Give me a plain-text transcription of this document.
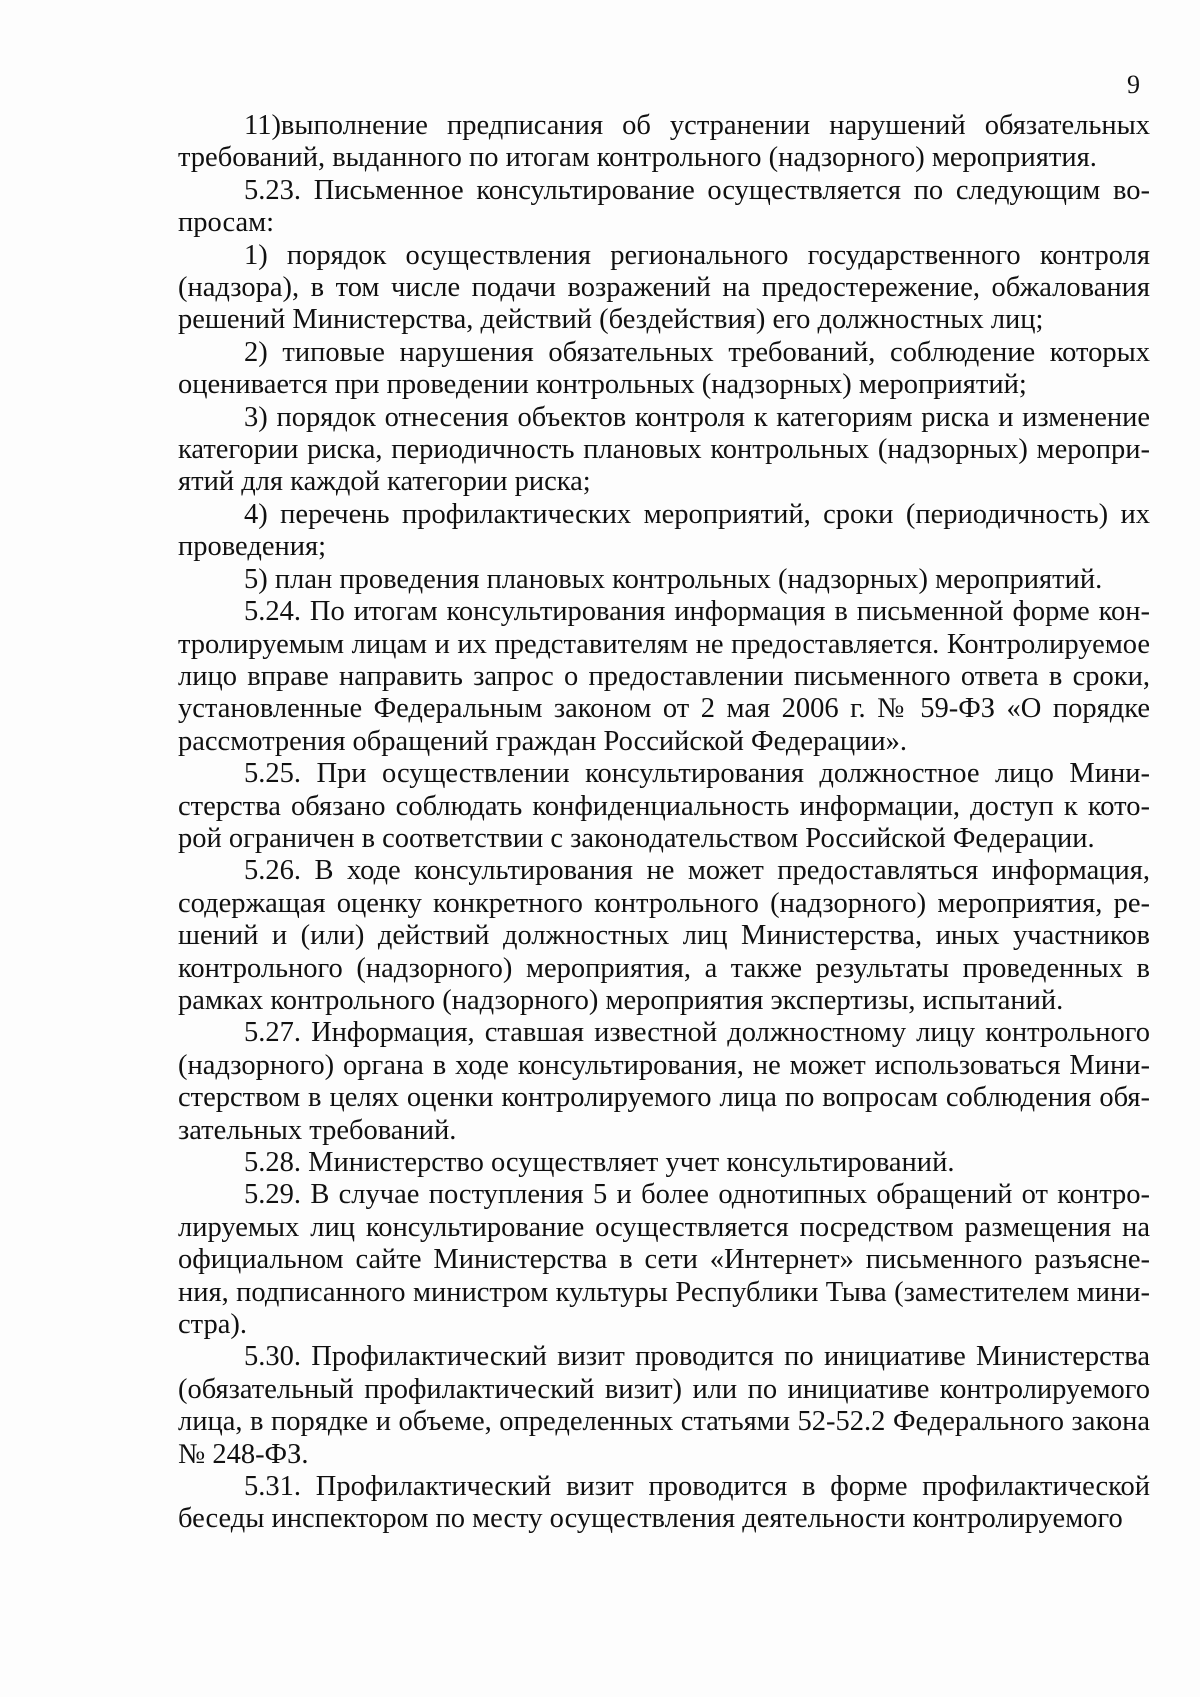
9

11)выполнение предписания об устранении нарушений обязательных требований, выданного по итогам контрольного (надзорного) мероприятия.

5.23. Письменное консультирование осуществляется по следующим вопросам:

1) порядок осуществления регионального государственного контроля (надзора), в том числе подачи возражений на предостережение, обжалования решений Министерства, действий (бездействия) его должностных лиц;

2) типовые нарушения обязательных требований, соблюдение которых оценивается при проведении контрольных (надзорных) мероприятий;

3) порядок отнесения объектов контроля к категориям риска и изменение категории риска, периодичность плановых контрольных (надзорных) мероприятий для каждой категории риска;

4) перечень профилактических мероприятий, сроки (периодичность) их проведения;

5) план проведения плановых контрольных (надзорных) мероприятий.

5.24. По итогам консультирования информация в письменной форме контролируемым лицам и их представителям не предоставляется. Контролируемое лицо вправе направить запрос о предоставлении письменного ответа в сроки, установленные Федеральным законом от 2 мая 2006 г. № 59-ФЗ «О порядке рассмотрения обращений граждан Российской Федерации».

5.25. При осуществлении консультирования должностное лицо Министерства обязано соблюдать конфиденциальность информации, доступ к которой ограничен в соответствии с законодательством Российской Федерации.

5.26. В ходе консультирования не может предоставляться информация, содержащая оценку конкретного контрольного (надзорного) мероприятия, решений и (или) действий должностных лиц Министерства, иных участников контрольного (надзорного) мероприятия, а также результаты проведенных в рамках контрольного (надзорного) мероприятия экспертизы, испытаний.

5.27. Информация, ставшая известной должностному лицу контрольного (надзорного) органа в ходе консультирования, не может использоваться Министерством в целях оценки контролируемого лица по вопросам соблюдения обязательных требований.

5.28. Министерство осуществляет учет консультирований.

5.29. В случае поступления 5 и более однотипных обращений от контролируемых лиц консультирование осуществляется посредством размещения на официальном сайте Министерства в сети «Интернет» письменного разъяснения, подписанного министром культуры Республики Тыва (заместителем министра).

5.30. Профилактический визит проводится по инициативе Министерства (обязательный профилактический визит) или по инициативе контролируемого лица, в порядке и объеме, определенных статьями 52-52.2 Федерального закона № 248-ФЗ.

5.31. Профилактический визит проводится в форме профилактической беседы инспектором по месту осуществления деятельности контролируемого
